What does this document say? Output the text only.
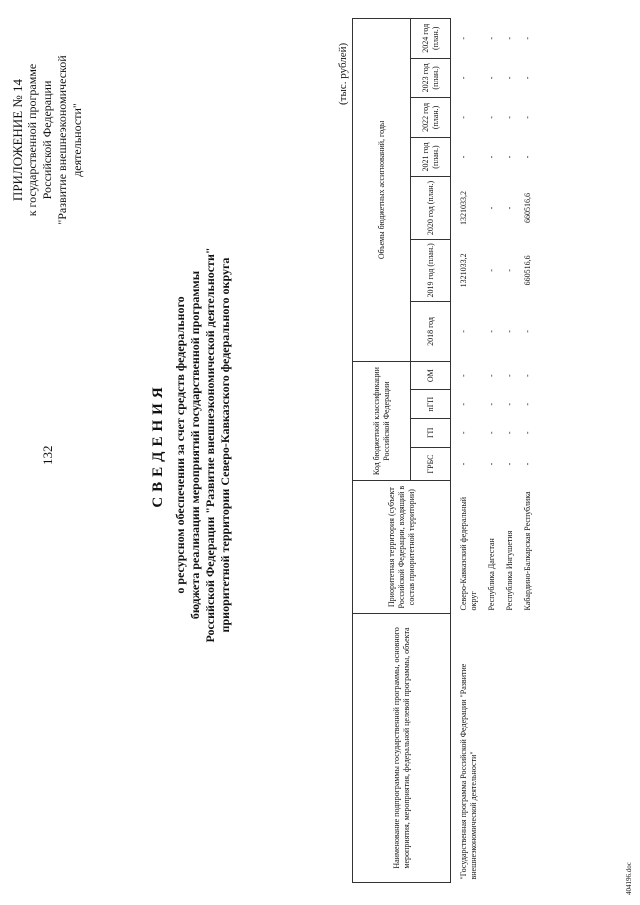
132
ПРИЛОЖЕНИЕ № 14 к государственной программе Российской Федерации "Развитие внешнеэкономической деятельности"
СВЕДЕНИЯ о ресурсном обеспечении за счет средств федерального бюджета реализации мероприятий государственной программы Российской Федерации "Развитие внешнеэкономической деятельности" приоритетной территории Северо-Кавказского федерального округа
(тыс. рублей)
Наименование подпрограммы государственной программы, основного мероприятия, мероприятия, федеральной целевой программы, объекта	Приоритетная территория (субъект Российской Федерации, входящий в состав приоритетной территории)	Код бюджетной классификации Российской Федерации				Объемы бюджетных ассигнований, годы						
		ГРБС	ГП	пГП	ОМ	2018 год	2019 год (план.)	2020 год (план.)	2021 год (план.)	2022 год (план.)	2023 год (план.)	2024 год (план.)
"Государственная программа Российской Федерации "Развитие внешнеэкономической деятельности"	Северо-Кавказский федеральный округ	-	-	-	-	-	1321033,2	1321033,2	-	-	-	-
	Республика Дагестан	-	-	-	-	-	-	-	-	-	-	-
	Республика Ингушетия	-	-	-	-	-	-	-	-	-	-	-
	Кабардино-Балкарская Республика	-	-	-	-	-	660516,6	660516,6	-	-	-	-
404196.doc
